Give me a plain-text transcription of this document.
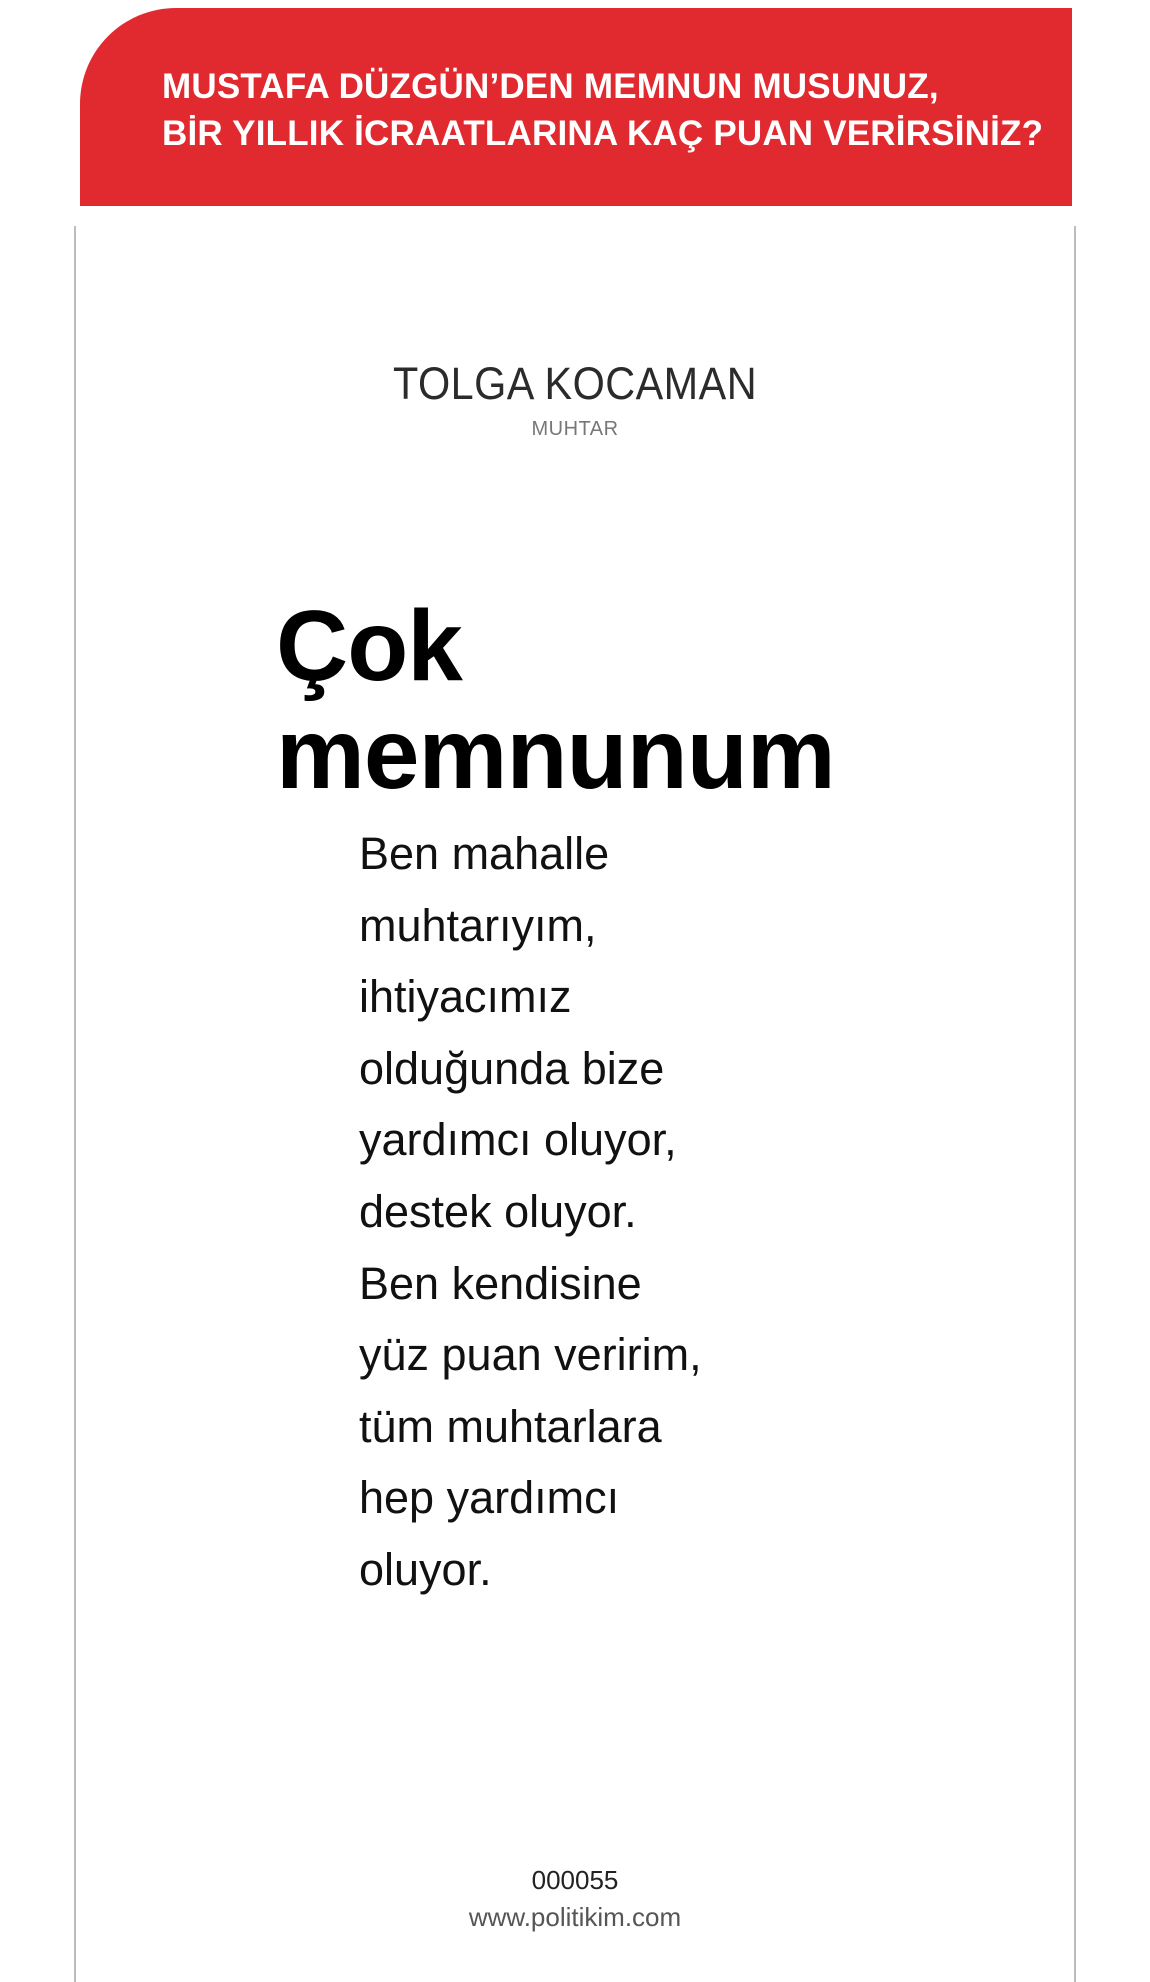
MUSTAFA DÜZGÜN’DEN MEMNUN MUSUNUZ,
BİR YILLIK İCRAATLARINA KAÇ PUAN VERİRSİNİZ?
TOLGA KOCAMAN
MUHTAR
Çok
memnunum
Ben mahalle
muhtarıyım,
ihtiyacımız
olduğunda bize
yardımcı oluyor,
destek oluyor.
Ben kendisine
yüz puan veririm,
tüm muhtarlara
hep yardımcı
oluyor.
000055
www.politikim.com
